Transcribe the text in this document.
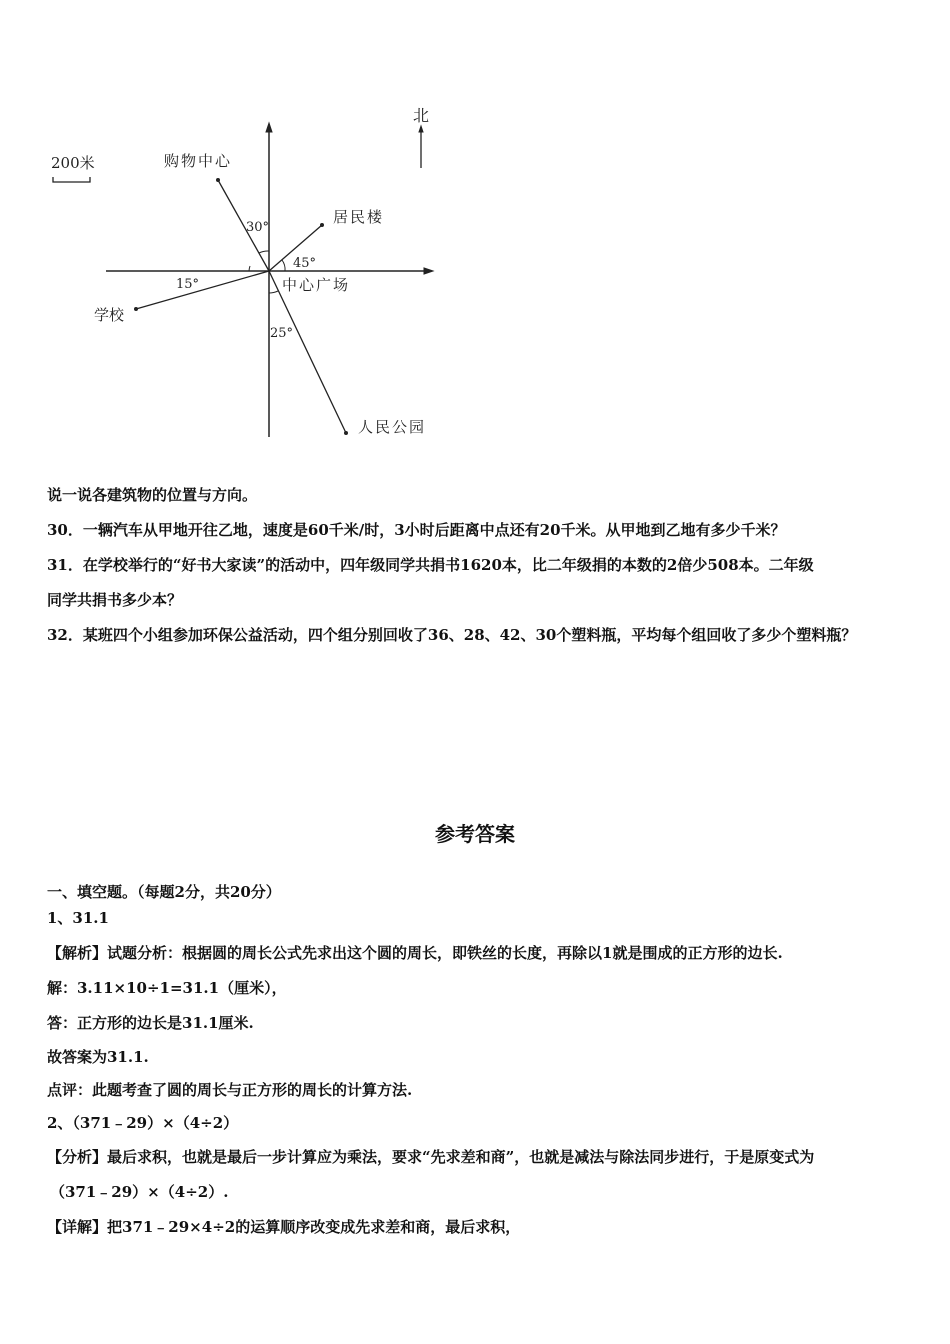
北
200米	购物中心
居民楼
学校
中心广场
人民公园
30°
45°
15°
25°
说一说各建筑物的位置与方向。
30．一辆汽车从甲地开往乙地，速度是60千米/时，3小时后距离中点还有20千米。从甲地到乙地有多少千米？
31．在学校举行的“好书大家读”的活动中，四年级同学共捐书1620本，比二年级捐的本数的2倍少508本。二年级
同学共捐书多少本？
32．某班四个小组参加环保公益活动，四个组分别回收了36、28、42、30个塑料瓶，平均每个组回收了多少个塑料瓶？
参考答案
一、填空题。（每题2分，共20分）
1、31.1
【解析】试题分析：根据圆的周长公式先求出这个圆的周长，即铁丝的长度，再除以1就是围成的正方形的边长.
解：3.11×10÷1=31.1（厘米），
答：正方形的边长是31.1厘米.
故答案为31.1.
点评：此题考查了圆的周长与正方形的周长的计算方法.
2、（371﹣29）×（4÷2）
【分析】最后求积，也就是最后一步计算应为乘法，要求“先求差和商”，也就是减法与除法同步进行，于是原变式为
（371﹣29）×（4÷2）.
【详解】把371﹣29×4÷2的运算顺序改变成先求差和商，最后求积，
